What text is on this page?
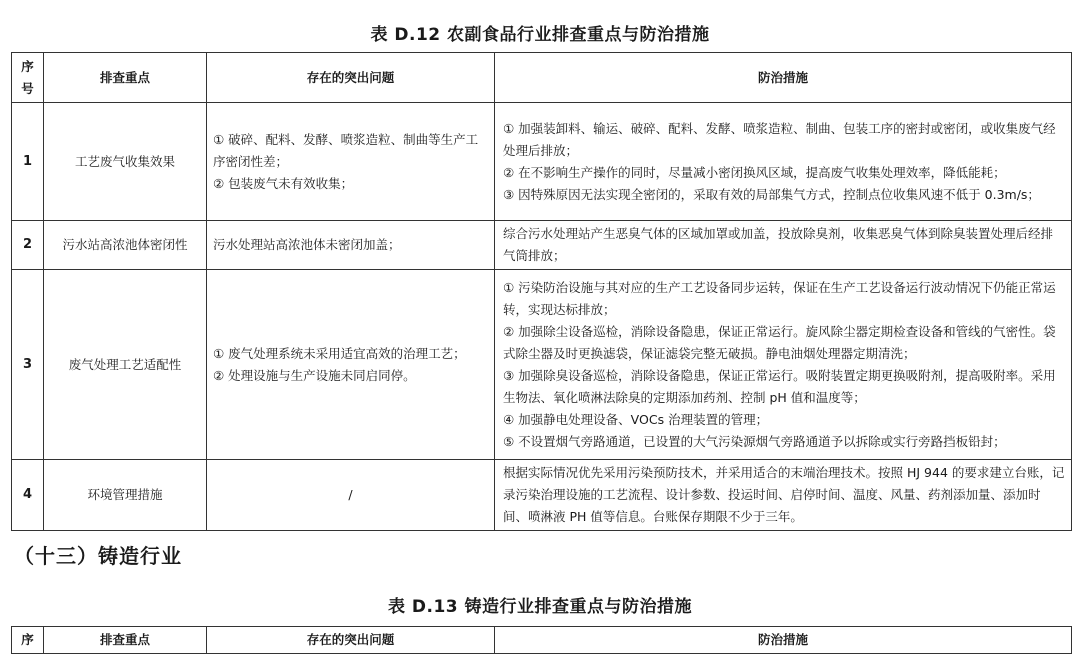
表 D.12 农副食品行业排查重点与防治措施
序号	排查重点	存在的突出问题	防治措施
1	工艺废气收集效果	① 破碎、配料、发酵、喷浆造粒、制曲等生产工序密闭性差；
② 包装废气未有效收集；	① 加强装卸料、输运、破碎、配料、发酵、喷浆造粒、制曲、包装工序的密封或密闭，或收集废气经处理后排放；
② 在不影响生产操作的同时，尽量减小密闭换风区域，提高废气收集处理效率，降低能耗；
③ 因特殊原因无法实现全密闭的，采取有效的局部集气方式，控制点位收集风速不低于 0.3m/s；

2	污水站高浓池体密闭性	污水处理站高浓池体未密闭加盖；	综合污水处理站产生恶臭气体的区域加罩或加盖，投放除臭剂，收集恶臭气体到除臭装置处理后经排气筒排放；

3	废气处理工艺适配性	① 废气处理系统未采用适宜高效的治理工艺；
② 处理设施与生产设施未同启同停。	① 污染防治设施与其对应的生产工艺设备同步运转，保证在生产工艺设备运行波动情况下仍能正常运转，实现达标排放；
② 加强除尘设备巡检，消除设备隐患，保证正常运行。旋风除尘器定期检查设备和管线的气密性。袋式除尘器及时更换滤袋，保证滤袋完整无破损。静电油烟处理器定期清洗；
③ 加强除臭设备巡检，消除设备隐患，保证正常运行。吸附装置定期更换吸附剂，提高吸附率。采用生物法、氧化喷淋法除臭的定期添加药剂、控制 pH 值和温度等；
④ 加强静电处理设备、VOCs 治理装置的管理；
⑤ 不设置烟气旁路通道，已设置的大气污染源烟气旁路通道予以拆除或实行旁路挡板铅封；

4	环境管理措施	/	根据实际情况优先采用污染预防技术，并采用适合的末端治理技术。按照 HJ 944 的要求建立台账，记录污染治理设施的工艺流程、设计参数、投运时间、启停时间、温度、风量、药剂添加量、添加时间、喷淋液 PH 值等信息。台账保存期限不少于三年。
（十三）铸造行业
表 D.13 铸造行业排查重点与防治措施
序	排查重点	存在的突出问题	防治措施
